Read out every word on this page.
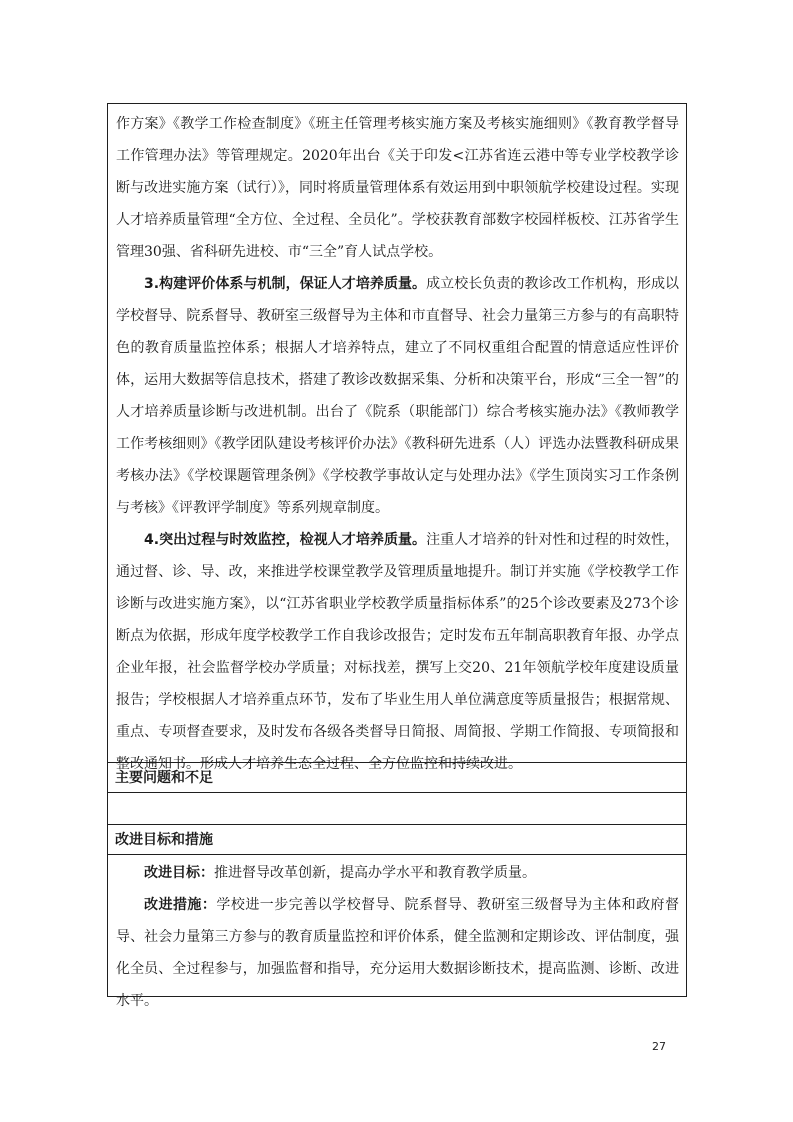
作方案》《教学工作检查制度》《班主任管理考核实施方案及考核实施细则》《教育教学督导工作管理办法》等管理规定。2020年出台《关于印发<江苏省连云港中等专业学校教学诊断与改进实施方案（试行）》，同时将质量管理体系有效运用到中职领航学校建设过程。实现人才培养质量管理“全方位、全过程、全员化”。学校获教育部数字校园样板校、江苏省学生管理30强、省科研先进校、市“三全”育人试点学校。

3.构建评价体系与机制，保证人才培养质量。成立校长负责的教诊改工作机构，形成以学校督导、院系督导、教研室三级督导为主体和市直督导、社会力量第三方参与的有高职特色的教育质量监控体系；根据人才培养特点，建立了不同权重组合配置的情意适应性评价体，运用大数据等信息技术，搭建了教诊改数据采集、分析和决策平台，形成“三全一智”的人才培养质量诊断与改进机制。出台了《院系（职能部门）综合考核实施办法》《教师教学工作考核细则》《教学团队建设考核评价办法》《教科研先进系（人）评选办法暨教科研成果考核办法》《学校课题管理条例》《学校教学事故认定与处理办法》《学生顶岗实习工作条例与考核》《评教评学制度》等系列规章制度。

4.突出过程与时效监控，检视人才培养质量。注重人才培养的针对性和过程的时效性，通过督、诊、导、改，来推进学校课堂教学及管理质量地提升。制订并实施《学校教学工作诊断与改进实施方案》，以“江苏省职业学校教学质量指标体系”的25个诊改要素及273个诊断点为依据，形成年度学校教学工作自我诊改报告；定时发布五年制高职教育年报、办学点企业年报，社会监督学校办学质量；对标找差，撰写上交20、21年领航学校年度建设质量报告；学校根据人才培养重点环节，发布了毕业生用人单位满意度等质量报告；根据常规、重点、专项督查要求，及时发布各级各类督导日简报、周简报、学期工作简报、专项简报和整改通知书。形成人才培养生态全过程、全方位监控和持续改进。

主要问题和不足
改进目标和措施

改进目标：推进督导改革创新，提高办学水平和教育教学质量。

改进措施：学校进一步完善以学校督导、院系督导、教研室三级督导为主体和政府督导、社会力量第三方参与的教育质量监控和评价体系，健全监测和定期诊改、评估制度，强化全员、全过程参与，加强监督和指导，充分运用大数据诊断技术，提高监测、诊断、改进水平。

27
